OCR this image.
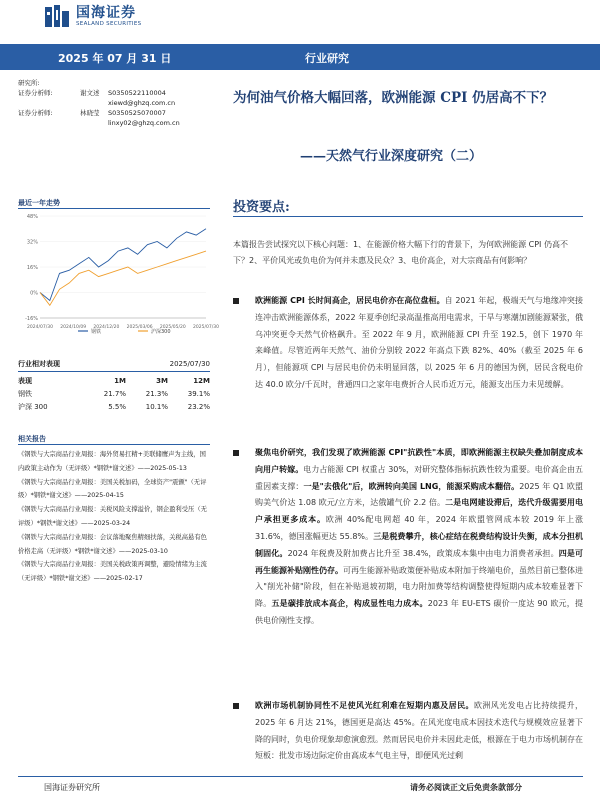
国海证券
SEALAND SECURITIES
2025 年 07 月 31 日	行业研究
研究所:
证券分析师:	谢文述	S0350522110004
xiewd@ghzq.com.cn
证券分析师:	林晓莹	S0350525070007
linxy02@ghzq.com.cn
为何油气价格大幅回落，欧洲能源 CPI 仍居高不下？
——天然气行业深度研究（二）
最近一年走势
-16%
0%
16%
32%
48%
2024/07/30 2024/10/09 2024/12/20 2025/03/06 2025/05/20 2025/07/30
钢铁	沪深300
行业相对表现	2025/07/30
表现	1M	3M	12M
钢铁	21.7%	21.3%	39.1%
沪深 300	5.5%	10.1%	23.2%
相关报告
《钢铁与大宗商品行业周报：海外贸易扛精+美联储鹰声为主线，国内政策主动作为（无评级）*钢铁*谢文述》——2025-05-13
《钢铁与大宗商品行业周报：美国关税加码，全球资产"震颤"（无评级）*钢铁*谢文述》——2025-04-15
《钢铁与大宗商品行业周报：关税风险支撑溢价，钢企盈利受压（无评级）*钢铁*谢文述》——2025-03-24
《钢铁与大宗商品行业周报：会议落地聚焦精细扶落，关税高悬有色价格走高（无评级）*钢铁*谢文述》——2025-03-10
《钢铁与大宗商品行业周报：美国关税政策再调整，避险情绪为主流（无评级）*钢铁*谢文述》——2025-02-17
投资要点:
本篇报告尝试探究以下核心问题：1、在能源价格大幅下行的背景下，为何欧洲能源 CPI 仍高不下？2、平价风光或负电价为何并未惠及民众？3、电价高企，对大宗商品有何影响？
欧洲能源 CPI 长时间高企，居民电价亦在高位盘桓。自 2021 年起，极端天气与地缘冲突接连冲击欧洲能源体系，2022 年夏季创纪录高温推高用电需求，干旱与寒潮加剧能源紧张，俄乌冲突更令天然气价格飙升。至 2022 年 9 月，欧洲能源 CPI 升至 192.5，创下 1970 年来峰值。尽管近两年天然气、油价分别较 2022 年高点下跌 82%、40%（截至 2025 年 6 月），但能源项 CPI 与居民电价仍未明显回落，以 2025 年 6 月的德国为例，居民含税电价达 40.0 欧分/千瓦时，普通四口之家年电费折合人民币近万元，能源支出压力未见缓解。
聚焦电价研究，我们发现了欧洲能源 CPI"抗跌性"本质，即欧洲能源主权缺失叠加制度成本向用户转嫁。电力占能源 CPI 权重占 30%，对研究整体指标抗跌性较为重要。电价高企由五重因素支撑：一是"去俄化"后，欧洲转向美国 LNG，能源采购成本翻倍。2025 年 Q1 欧盟购美气价达 1.08 欧元/立方米，达俄罐气价 2.2 倍。二是电网建设滞后，迭代升级需要用电户承担更多成本。欧洲 40%配电网超 40 年，2024 年欧盟管网成本较 2019 年上涨 31.6%，德国涨幅更达 55.8%。三是税费攀升，核心症结在税费结构设计失衡，成本分担机制固化。2024 年税费及附加费占比升至 38.4%，政策成本集中由电力消费者承担。四是可再生能源补贴刚性仍存。可再生能源补贴政策便补贴成本附加于终端电价，虽然目前已整体进入"削光补储"阶段，但在补贴退坡初期，电力附加费等结构调整使得短期内成本较难显著下降。五是碳排放成本高企，构成显性电力成本。2023 年 EU-ETS 碳价一度达 90 欧元，提供电价刚性支撑。
欧洲市场机制协同性不足使风光红利难在短期内惠及居民。欧洲风光发电占比持续提升，2025 年 6 月达 21%，德国更是高达 45%。在风光度电成本因技术迭代与规模效应显著下降的同时，负电价现象却愈演愈烈。然而居民电价并未因此走低，根源在于电力市场机制存在短板：批发市场边际定价由高成本气电主导，即便风光过剩
国海证券研究所	请务必阅读正文后免责条款部分
